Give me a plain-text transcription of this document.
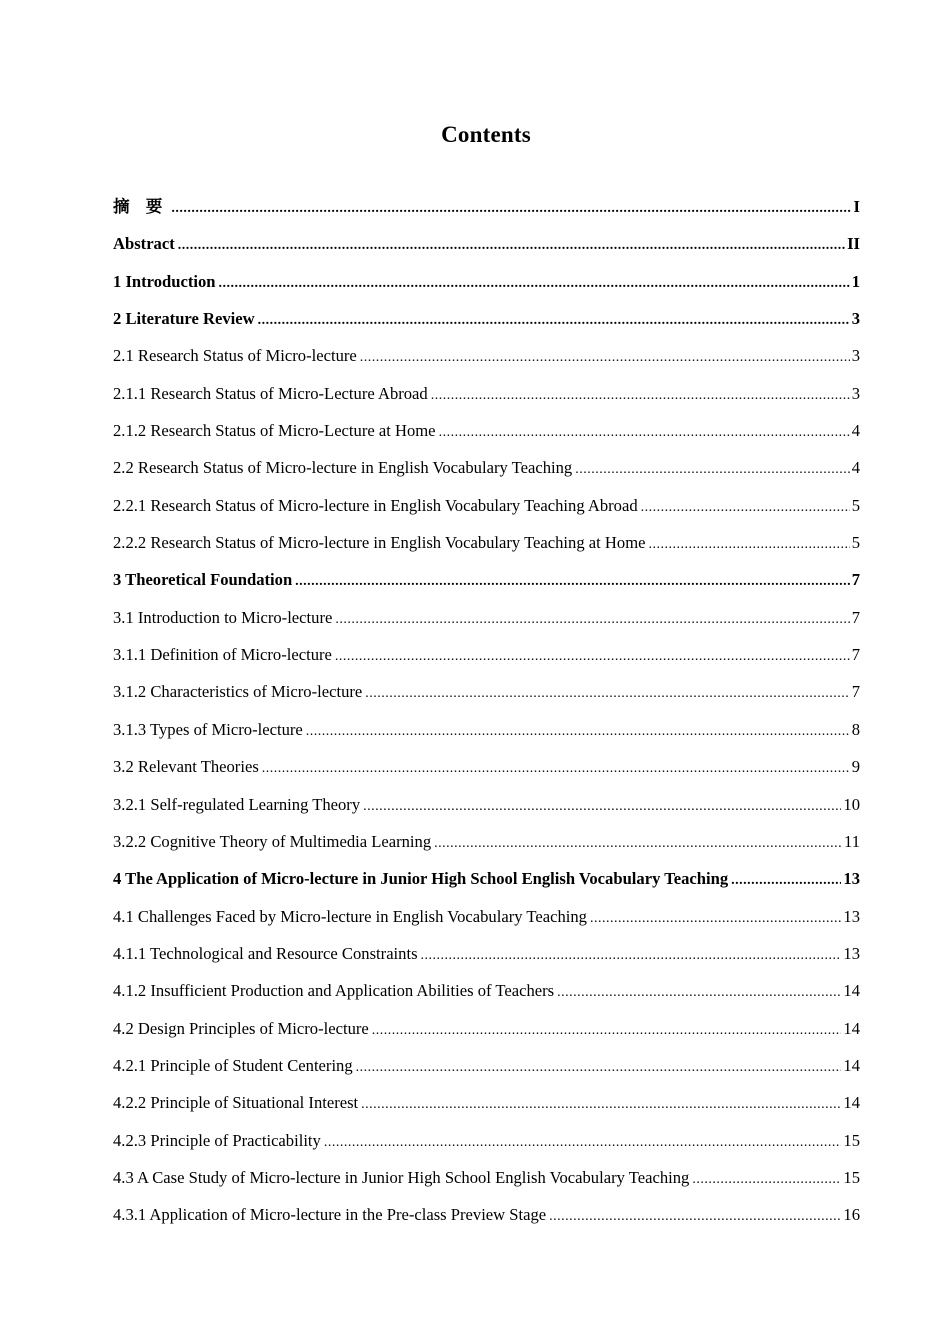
Contents
摘 要 .....	I
Abstract .....	II
1 Introduction .....	1
2 Literature Review .....	3
2.1 Research Status of Micro-lecture .....	3
2.1.1 Research Status of Micro-Lecture Abroad .....	3
2.1.2 Research Status of Micro-Lecture at Home .....	4
2.2 Research Status of Micro-lecture in English Vocabulary Teaching .....	4
2.2.1 Research Status of Micro-lecture in English Vocabulary Teaching Abroad .....	5
2.2.2 Research Status of Micro-lecture in English Vocabulary Teaching at Home .....	5
3 Theoretical Foundation .....	7
3.1 Introduction to Micro-lecture .....	7
3.1.1 Definition of Micro-lecture .....	7
3.1.2 Characteristics of Micro-lecture .....	7
3.1.3 Types of Micro-lecture .....	8
3.2 Relevant Theories .....	9
3.2.1 Self-regulated Learning Theory .....	10
3.2.2 Cognitive Theory of Multimedia Learning .....	11
4 The Application of Micro-lecture in Junior High School English Vocabulary Teaching .....	13
4.1 Challenges Faced by Micro-lecture in English Vocabulary Teaching .....	13
4.1.1 Technological and Resource Constraints .....	13
4.1.2 Insufficient Production and Application Abilities of Teachers .....	14
4.2 Design Principles of Micro-lecture .....	14
4.2.1 Principle of Student Centering .....	14
4.2.2 Principle of Situational Interest .....	14
4.2.3 Principle of Practicability .....	15
4.3 A Case Study of Micro-lecture in Junior High School English Vocabulary Teaching .....	15
4.3.1 Application of Micro-lecture in the Pre-class Preview Stage .....	16
